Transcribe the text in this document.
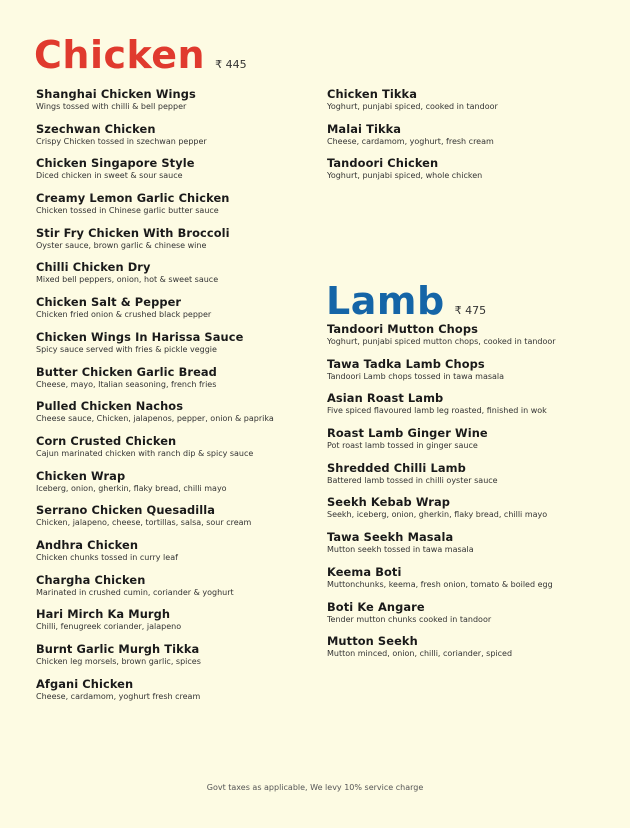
Chicken ₹ 445
Shanghai Chicken Wings
Wings tossed with chilli & bell pepper
Szechwan Chicken
Crispy Chicken tossed in szechwan pepper
Chicken Singapore Style
Diced chicken in sweet & sour sauce
Creamy Lemon Garlic Chicken
Chicken tossed in Chinese garlic butter sauce
Stir Fry Chicken With Broccoli
Oyster sauce, brown garlic & chinese wine
Chilli Chicken Dry
Mixed bell peppers, onion, hot & sweet sauce
Chicken Salt & Pepper
Chicken fried onion & crushed black pepper
Chicken Wings In Harissa Sauce
Spicy sauce served with fries & pickle veggie
Butter Chicken Garlic Bread
Cheese, mayo, Italian seasoning, french fries
Pulled Chicken Nachos
Cheese sauce, Chicken, jalapenos, pepper, onion & paprika
Corn Crusted Chicken
Cajun marinated chicken with ranch dip & spicy sauce
Chicken Wrap
Iceberg, onion, gherkin, flaky bread, chilli mayo
Serrano Chicken Quesadilla
Chicken, jalapeno, cheese, tortillas, salsa, sour cream
Andhra Chicken
Chicken chunks tossed in curry leaf
Chargha Chicken
Marinated in crushed cumin, coriander & yoghurt
Hari Mirch Ka Murgh
Chilli, fenugreek coriander, jalapeno
Burnt Garlic Murgh Tikka
Chicken leg morsels, brown garlic, spices
Afgani Chicken
Cheese, cardamom, yoghurt fresh cream
Chicken Tikka
Yoghurt, punjabi spiced, cooked in tandoor
Malai Tikka
Cheese, cardamom, yoghurt, fresh cream
Tandoori Chicken
Yoghurt, punjabi spiced, whole chicken
Lamb ₹ 475
Tandoori Mutton Chops
Yoghurt, punjabi spiced mutton chops, cooked in tandoor
Tawa Tadka Lamb Chops
Tandoori Lamb chops tossed in tawa masala
Asian Roast Lamb
Five spiced flavoured lamb leg roasted, finished in wok
Roast Lamb Ginger Wine
Pot roast lamb tossed in ginger sauce
Shredded Chilli Lamb
Battered lamb tossed in chilli oyster sauce
Seekh Kebab Wrap
Seekh, iceberg, onion, gherkin, flaky bread, chilli mayo
Tawa Seekh Masala
Mutton seekh tossed in tawa masala
Keema Boti
Muttonchunks, keema, fresh onion, tomato & boiled egg
Boti Ke Angare
Tender mutton chunks cooked in tandoor
Mutton Seekh
Mutton minced, onion, chilli, coriander, spiced
Govt taxes as applicable, We levy 10% service charge
